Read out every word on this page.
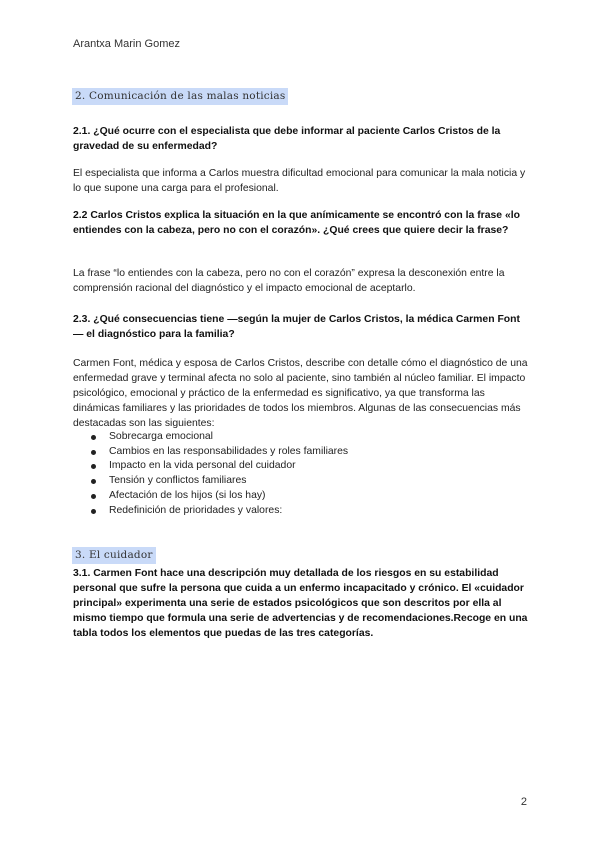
Arantxa Marin Gomez
2. Comunicación de las malas noticias
2.1. ¿Qué ocurre con el especialista que debe informar al paciente Carlos Cristos de la gravedad de su enfermedad?
El especialista que informa a Carlos muestra dificultad emocional para comunicar la mala noticia y lo que supone una carga para el profesional.
2.2 Carlos Cristos explica la situación en la que anímicamente se encontró con la frase «lo entiendes con la cabeza, pero no con el corazón». ¿Qué crees que quiere decir la frase?
La frase “lo entiendes con la cabeza, pero no con el corazón” expresa la desconexión entre la comprensión racional del diagnóstico y el impacto emocional de aceptarlo.
2.3. ¿Qué consecuencias tiene —según la mujer de Carlos Cristos, la médica Carmen Font— el diagnóstico para la familia?
Carmen Font, médica y esposa de Carlos Cristos, describe con detalle cómo el diagnóstico de una enfermedad grave y terminal afecta no solo al paciente, sino también al núcleo familiar. El impacto psicológico, emocional y práctico de la enfermedad es significativo, ya que transforma las dinámicas familiares y las prioridades de todos los miembros. Algunas de las consecuencias más destacadas son las siguientes:
Sobrecarga emocional
Cambios en las responsabilidades y roles familiares
Impacto en la vida personal del cuidador
Tensión y conflictos familiares
Afectación de los hijos (si los hay)
Redefinición de prioridades y valores:
3. El cuidador
3.1. Carmen Font hace una descripción muy detallada de los riesgos en su estabilidad personal que sufre la persona que cuida a un enfermo incapacitado y crónico. El «cuidador principal» experimenta una serie de estados psicológicos que son descritos por ella al mismo tiempo que formula una serie de advertencias y de recomendaciones.Recoge en una tabla todos los elementos que puedas de las tres categorías.
2
